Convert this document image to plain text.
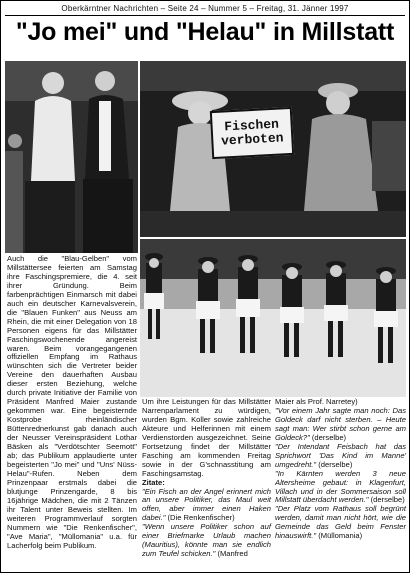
Oberkärntner Nachrichten – Seite 24 – Nummer 5 – Freitag, 31. Jänner 1997
"Jo mei" und "Helau" in Millstatt
Fischen
verboten

Auch die "Blau-Gelben" vom Millstättersee feierten am Samstag ihre Faschingspremiere, die 4. seit ihrer Gründung. Beim farbenprächtigen Einmarsch mit dabei auch ein deutscher Karnevalsverein, die "Blauen Funken" aus Neuss am Rhein, die mit einer Delegation von 18 Personen eigens für das Millstätter Faschingswochenende angereist waren. Beim vorangegangenen offiziellen Empfang im Rathaus wünschten sich die Vertreter beider Vereine den dauerhaften Ausbau dieser ersten Beziehung, welche durch private Initiative der Familie von Präsident Manfred Maier zustande gekommen war. Eine begeisternde Kostprobe rheinländischer Büttenrednerkunst gab danach auch der Neusser Vereinspräsident Lothar Bäsken als "Verdötschter Seemott" ab; das Publikum applaudierte unter begeisterten "Jo mei" und "Uns' Nüss-Helau"-Rufen. Neben dem Prinzenpaar erstmals dabei die blutjunge Prinzengarde, 8 bis 16jährige Mädchen, die mit 2 Tänzen ihr Talent unter Beweis stellten. Im weiteren Programmverlauf sorgten Nummern wie "Die Renkenfischer", "Ave Maria", "Müllomania" u.a. für Lacherfolg beim Publikum.

Um ihre Leistungen für das Millstätter Narrenparlament zu würdigen, wurden Bgm. Koller sowie zahlreiche Akteure und Helferinnen mit einem Verdienstorden ausgezeichnet. Seine Fortsetzung findet der Millstätter Fasching am kommenden Freitag sowie in der G'schnasstitung am Faschingsamstag.
Zitate:
"Ein Fisch an der Angel erinnert mich an unsere Politiker, das Maul weit offen, aber immer einen Haken dabei." (Die Renkenfischer)
"Wenn unsere Politiker schon auf einer Briefmarke Urlaub machen (Mauritius), könnte man sie endlich zum Teufel schicken." (Manfred

Maier als Prof. Narretey)
"Vor einem Jahr sagte man noch: Das Goldeck darf nicht sterben. – Heute sagt man: Wer stirbt schon gerne am Goldeck?" (derselbe)
"Der Intendant Feisbach hat das Sprichwort 'Das Kind im Manne' umgedreht." (derselbe)
"In Kärnten werden 3 neue Altersheime gebaut: in Klagenfurt, Villach und in der Sommersaison soll Millstatt überdacht werden." (derselbe)
"Der Platz vom Rathaus soll begrünt werden, damit man nicht hört, wie die Gemeinde das Geld beim Fenster hinauswirft." (Müllomania)
